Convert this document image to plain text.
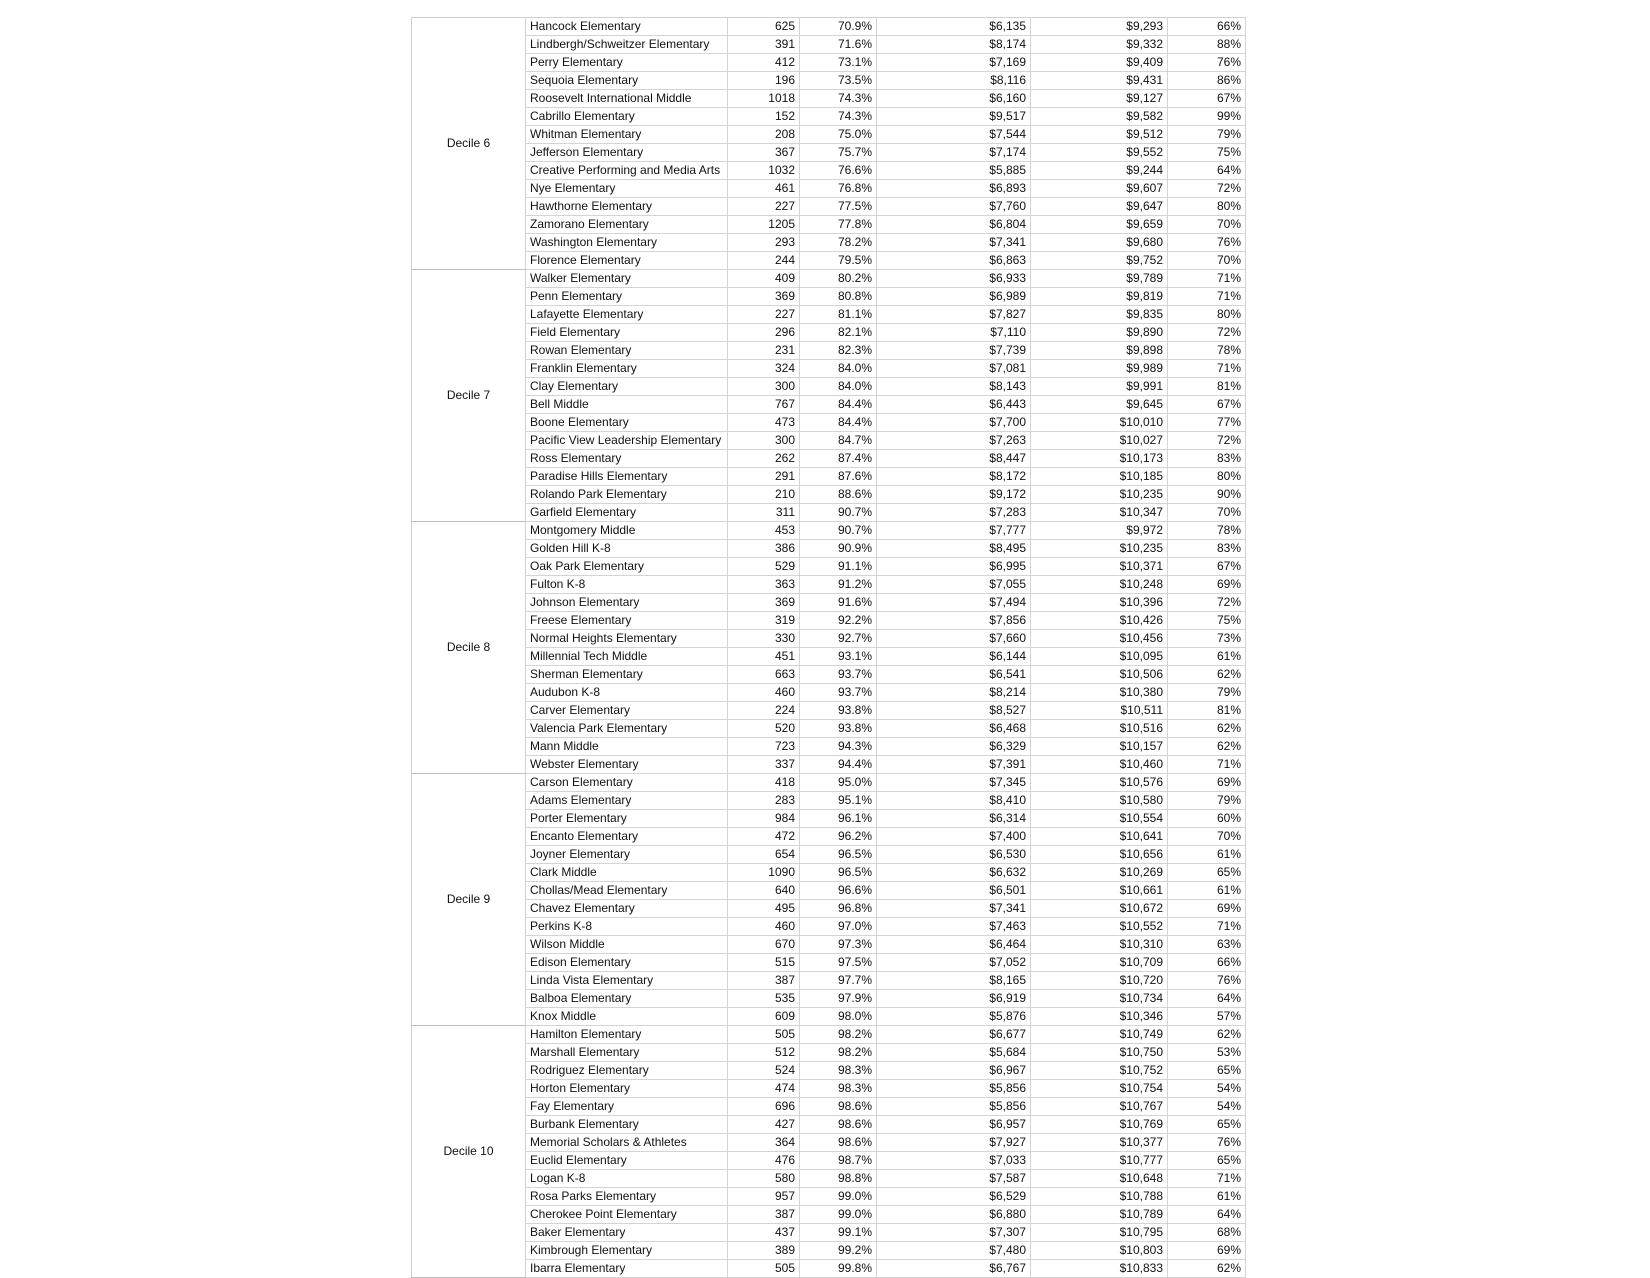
Decile 6	Hancock Elementary	625	70.9%	$6,135	$9,293	66%
	Lindbergh/Schweitzer Elementary	391	71.6%	$8,174	$9,332	88%
	Perry Elementary	412	73.1%	$7,169	$9,409	76%
	Sequoia Elementary	196	73.5%	$8,116	$9,431	86%
	Roosevelt International Middle	1018	74.3%	$6,160	$9,127	67%
	Cabrillo Elementary	152	74.3%	$9,517	$9,582	99%
	Whitman Elementary	208	75.0%	$7,544	$9,512	79%
	Jefferson Elementary	367	75.7%	$7,174	$9,552	75%
	Creative Performing and Media Arts	1032	76.6%	$5,885	$9,244	64%
	Nye Elementary	461	76.8%	$6,893	$9,607	72%
	Hawthorne Elementary	227	77.5%	$7,760	$9,647	80%
	Zamorano Elementary	1205	77.8%	$6,804	$9,659	70%
	Washington Elementary	293	78.2%	$7,341	$9,680	76%
	Florence Elementary	244	79.5%	$6,863	$9,752	70%
Decile 7	Walker Elementary	409	80.2%	$6,933	$9,789	71%
	Penn Elementary	369	80.8%	$6,989	$9,819	71%
	Lafayette Elementary	227	81.1%	$7,827	$9,835	80%
	Field Elementary	296	82.1%	$7,110	$9,890	72%
	Rowan Elementary	231	82.3%	$7,739	$9,898	78%
	Franklin Elementary	324	84.0%	$7,081	$9,989	71%
	Clay Elementary	300	84.0%	$8,143	$9,991	81%
	Bell Middle	767	84.4%	$6,443	$9,645	67%
	Boone Elementary	473	84.4%	$7,700	$10,010	77%
	Pacific View Leadership Elementary	300	84.7%	$7,263	$10,027	72%
	Ross Elementary	262	87.4%	$8,447	$10,173	83%
	Paradise Hills Elementary	291	87.6%	$8,172	$10,185	80%
	Rolando Park Elementary	210	88.6%	$9,172	$10,235	90%
	Garfield Elementary	311	90.7%	$7,283	$10,347	70%
Decile 8	Montgomery Middle	453	90.7%	$7,777	$9,972	78%
	Golden Hill K-8	386	90.9%	$8,495	$10,235	83%
	Oak Park Elementary	529	91.1%	$6,995	$10,371	67%
	Fulton K-8	363	91.2%	$7,055	$10,248	69%
	Johnson Elementary	369	91.6%	$7,494	$10,396	72%
	Freese Elementary	319	92.2%	$7,856	$10,426	75%
	Normal Heights Elementary	330	92.7%	$7,660	$10,456	73%
	Millennial Tech Middle	451	93.1%	$6,144	$10,095	61%
	Sherman Elementary	663	93.7%	$6,541	$10,506	62%
	Audubon K-8	460	93.7%	$8,214	$10,380	79%
	Carver Elementary	224	93.8%	$8,527	$10,511	81%
	Valencia Park Elementary	520	93.8%	$6,468	$10,516	62%
	Mann Middle	723	94.3%	$6,329	$10,157	62%
	Webster Elementary	337	94.4%	$7,391	$10,460	71%
Decile 9	Carson Elementary	418	95.0%	$7,345	$10,576	69%
	Adams Elementary	283	95.1%	$8,410	$10,580	79%
	Porter Elementary	984	96.1%	$6,314	$10,554	60%
	Encanto Elementary	472	96.2%	$7,400	$10,641	70%
	Joyner Elementary	654	96.5%	$6,530	$10,656	61%
	Clark Middle	1090	96.5%	$6,632	$10,269	65%
	Chollas/Mead Elementary	640	96.6%	$6,501	$10,661	61%
	Chavez Elementary	495	96.8%	$7,341	$10,672	69%
	Perkins K-8	460	97.0%	$7,463	$10,552	71%
	Wilson Middle	670	97.3%	$6,464	$10,310	63%
	Edison Elementary	515	97.5%	$7,052	$10,709	66%
	Linda Vista Elementary	387	97.7%	$8,165	$10,720	76%
	Balboa Elementary	535	97.9%	$6,919	$10,734	64%
	Knox Middle	609	98.0%	$5,876	$10,346	57%
Decile 10	Hamilton Elementary	505	98.2%	$6,677	$10,749	62%
	Marshall Elementary	512	98.2%	$5,684	$10,750	53%
	Rodriguez Elementary	524	98.3%	$6,967	$10,752	65%
	Horton Elementary	474	98.3%	$5,856	$10,754	54%
	Fay Elementary	696	98.6%	$5,856	$10,767	54%
	Burbank Elementary	427	98.6%	$6,957	$10,769	65%
	Memorial Scholars & Athletes	364	98.6%	$7,927	$10,377	76%
	Euclid Elementary	476	98.7%	$7,033	$10,777	65%
	Logan K-8	580	98.8%	$7,587	$10,648	71%
	Rosa Parks Elementary	957	99.0%	$6,529	$10,788	61%
	Cherokee Point Elementary	387	99.0%	$6,880	$10,789	64%
	Baker Elementary	437	99.1%	$7,307	$10,795	68%
	Kimbrough Elementary	389	99.2%	$7,480	$10,803	69%
	Ibarra Elementary	505	99.8%	$6,767	$10,833	62%
